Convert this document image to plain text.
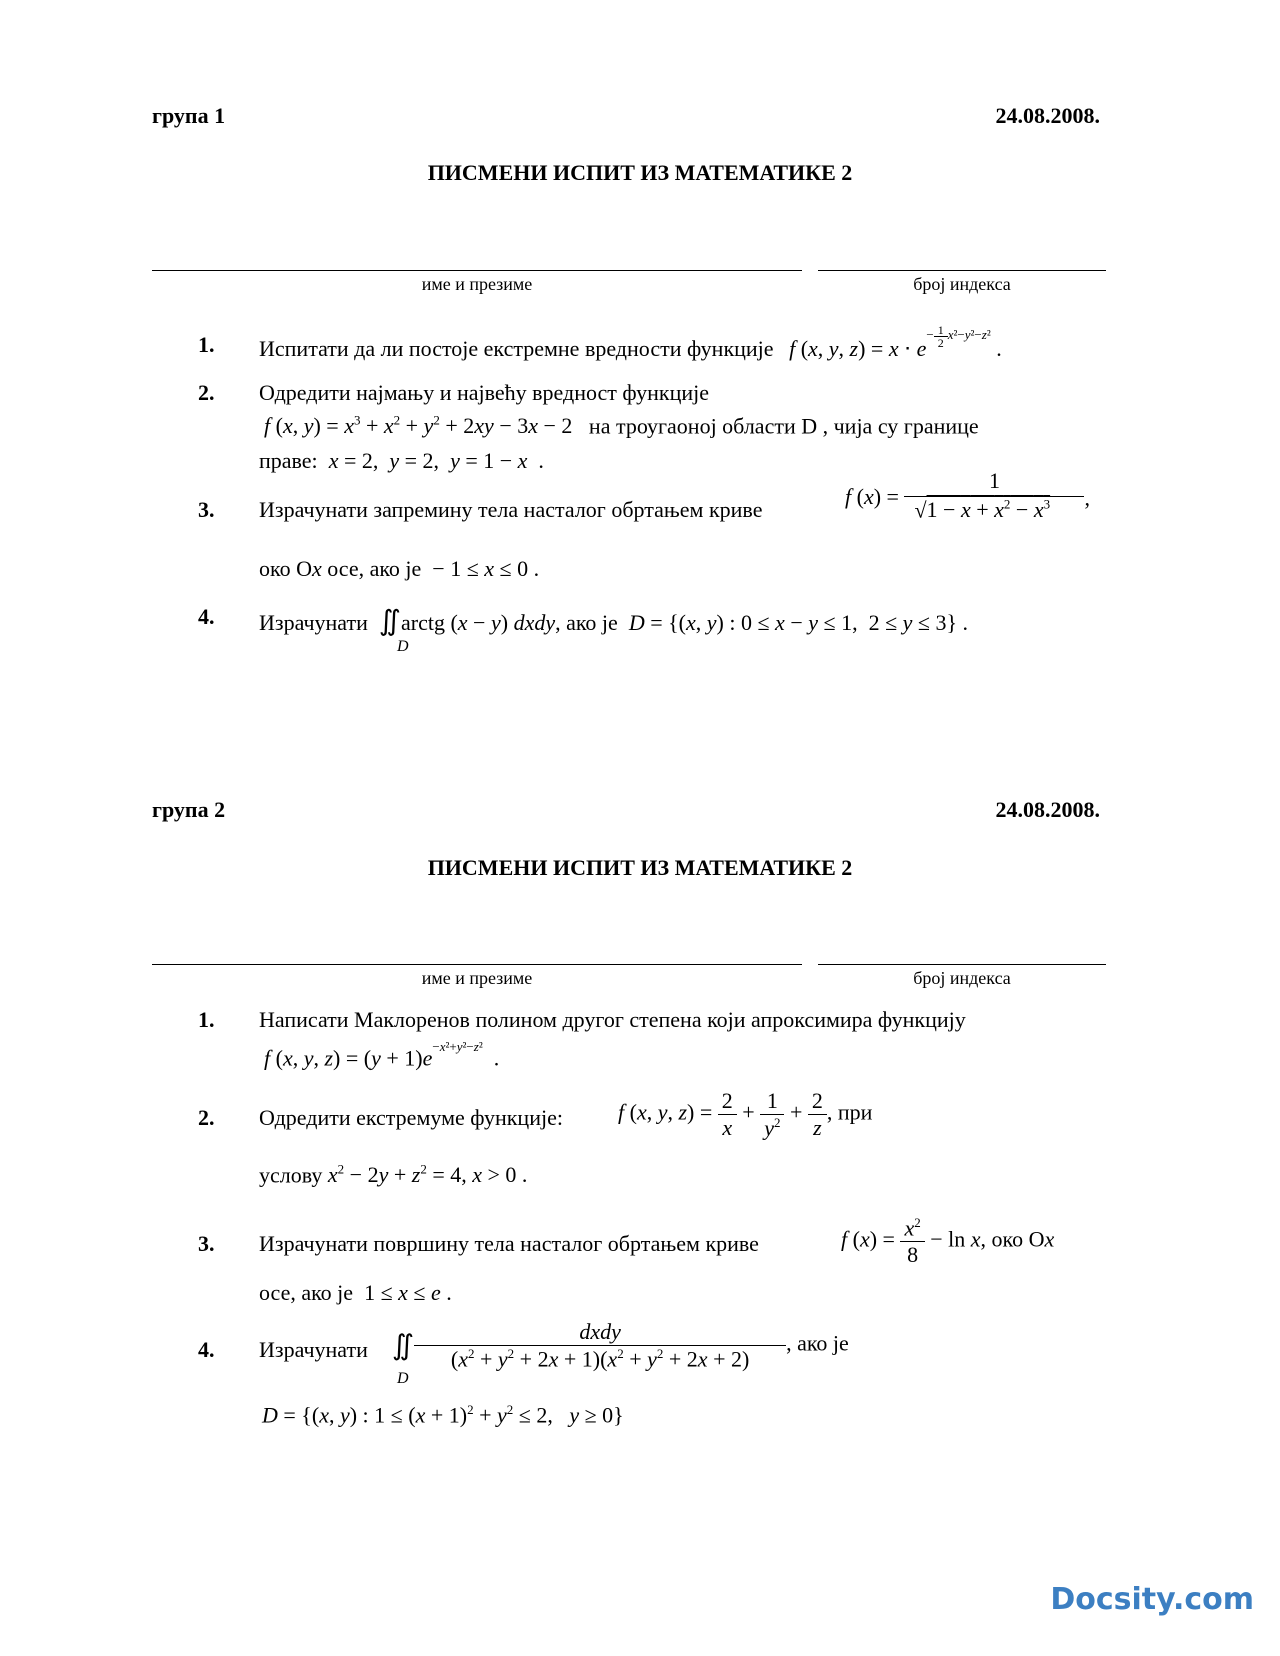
група 1	24.08.2008.
ПИСМЕНИ ИСПИТ ИЗ МАТЕМАТИКЕ 2
име и презиме	број индекса
1.	Испитати да ли постоје екстремне вредности функције f (x, y, $z) = x \cdot e^{- \frac{1}{2} x^2-y^2-z^2}$ .
2.	Одредити најмању и највећу вредност функције
f (x, $y) = x^3 + x^2 + y^2 + 2xy - 3x - 2$ на троугаоној области D , чија су границе
праве: x = 2,  y = 2,  y = 1 − x  .
3.	Израчунати запремину тела насталог обртањем криве
f $(x) = \frac{1}{√1 - x + x^2 - x^3}$ ,
око Ox осе, ако је  − 1 ≤ x ≤ 0 .
4.	Израчунати ∬arctg (x − y) dxdy, ако је D = {(x, y) : 0 ≤ x − y ≤ 1,  2 ≤ y ≤ 3} .
D
група 2	24.08.2008.
ПИСМЕНИ ИСПИТ ИЗ МАТЕМАТИКЕ 2
име и презиме	број индекса
1.	Написати Маклоренов полином другог степена који апроксимира функцију
f (x, y, $z) = (y + 1)e^{-x^2+y^2-z^2}$  .
2.	Одредити екстремуме функције:	f (x, y, $z) = \frac{2}{x} + \frac{1}{y^2} + \frac{2}{z}$ , при
услову $x^2 - 2y + z^2 = 4$, x > 0 .
3.	Израчунати површину тела насталог обртањем криве	f $(x) = \frac{x^2}{8} - \ln x$, око Ox
осе, ако је  1 ≤ x ≤ e .
4.	Израчунати ∬ $\frac{\text{dxdy}}{(x^2 + y^2 + 2x + 1)(x^2 + y^2 + 2x + 2)}$ , ако је
D
D = {(x, y) : $1 \le (x + 1)^2 + y^2 \le 2$,   y ≥ 0}
Docsity.com
